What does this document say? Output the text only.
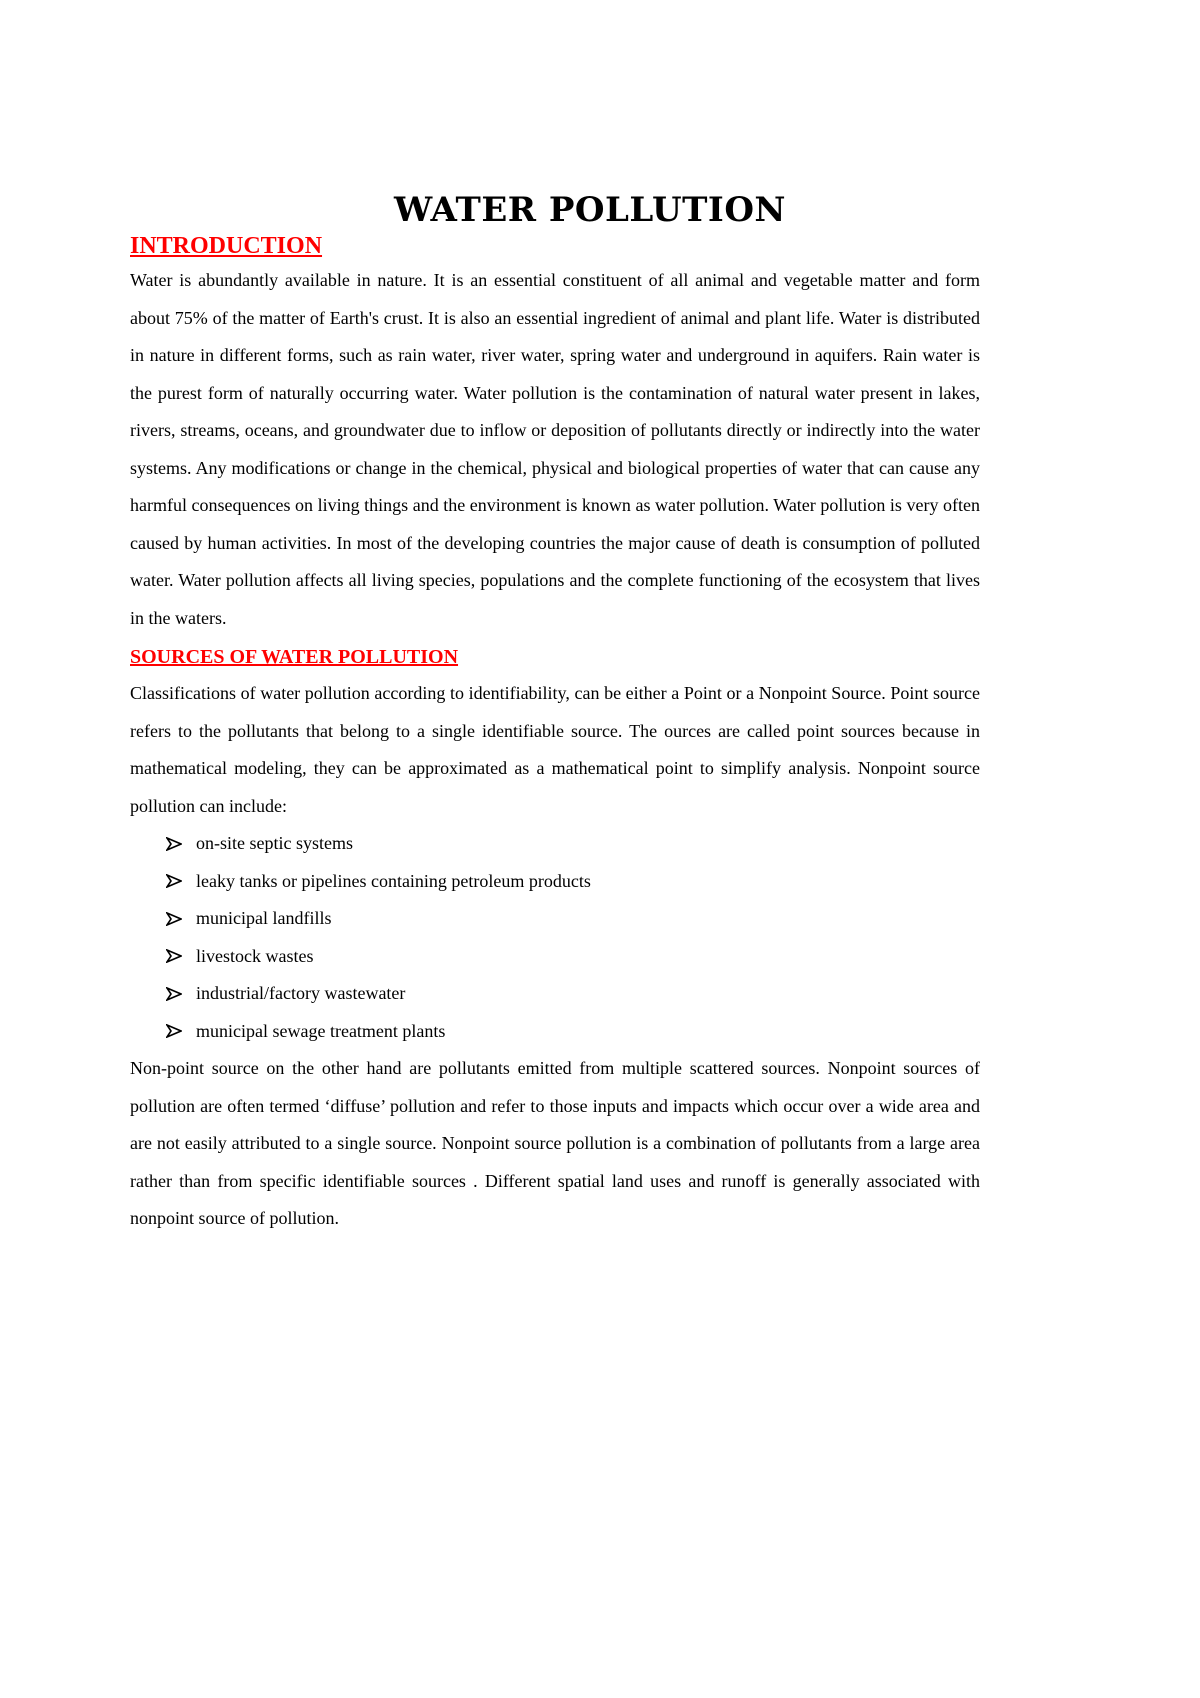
WATER POLLUTION
INTRODUCTION

Water is abundantly available in nature. It is an essential constituent of all animal and vegetable matter and form about 75% of the matter of Earth's crust. It is also an essential ingredient of animal and plant life. Water is distributed in nature in different forms, such as rain water, river water, spring water and underground in aquifers. Rain water is the purest form of naturally occurring water. Water pollution is the contamination of natural water present in lakes, rivers, streams, oceans, and groundwater due to inflow or deposition of pollutants directly or indirectly into the water systems. Any modifications or change in the chemical, physical and biological properties of water that can cause any harmful consequences on living things and the environment is known as water pollution. Water pollution is very often caused by human activities. In most of the developing countries the major cause of death is consumption of polluted water. Water pollution affects all living species, populations and the complete functioning of the ecosystem that lives in the waters.

SOURCES OF WATER POLLUTION

Classifications of water pollution according to identifiability, can be either a Point or a Nonpoint Source. Point source refers to the pollutants that belong to a single identifiable source. The ources are called point sources because in mathematical modeling, they can be approximated as a mathematical point to simplify analysis. Nonpoint source pollution can include:

on-site septic systems
leaky tanks or pipelines containing petroleum products
municipal landfills
livestock wastes
industrial/factory wastewater
municipal sewage treatment plants

Non-point source on the other hand are pollutants emitted from multiple scattered sources. Nonpoint sources of pollution are often termed ‘diffuse’ pollution and refer to those inputs and impacts which occur over a wide area and are not easily attributed to a single source. Nonpoint source pollution is a combination of pollutants from a large area rather than from specific identifiable sources . Different spatial land uses and runoff is generally associated with nonpoint source of pollution.
